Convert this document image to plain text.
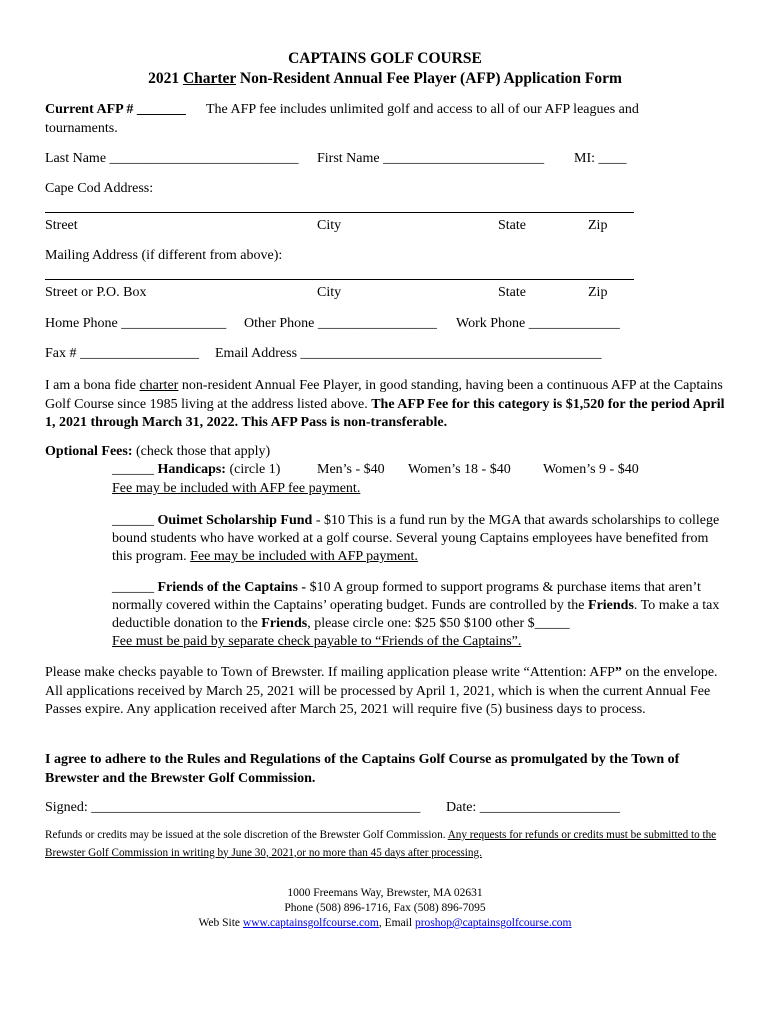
CAPTAINS GOLF COURSE
2021 Charter Non-Resident Annual Fee Player (AFP) Application Form
Current AFP # _______ The AFP fee includes unlimited golf and access to all of our AFP leagues and
tournaments.
Last Name ___________________________ First Name _______________________ MI: ____
Cape Cod Address:
Street	City	State	Zip
Mailing Address (if different from above):
Street or P.O. Box	City	State	Zip
Home Phone _______________ Other Phone _________________ Work Phone _____________
Fax # _________________ Email Address ___________________________________________
I am a bona fide charter non-resident Annual Fee Player, in good standing, having been a continuous AFP at the Captains Golf Course since 1985 living at the address listed above. The AFP Fee for this category is $1,520 for the period April 1, 2021 through March 31, 2022. This AFP Pass is non-transferable.
Optional Fees: (check those that apply)
______ Handicaps: (circle 1)	Men’s - $40 Women’s 18 - $40 Women’s 9 - $40
Fee may be included with AFP fee payment.
______ Ouimet Scholarship Fund - $10 This is a fund run by the MGA that awards scholarships to college bound students who have worked at a golf course. Several young Captains employees have benefited from this program. Fee may be included with AFP payment.
______ Friends of the Captains - $10 A group formed to support programs & purchase items that aren’t normally covered within the Captains’ operating budget. Funds are controlled by the Friends. To make a tax deductible donation to the Friends, please circle one: $25 $50 $100 other $_____
Fee must be paid by separate check payable to “Friends of the Captains”.
Please make checks payable to Town of Brewster. If mailing application please write “Attention: AFP” on the envelope. All applications received by March 25, 2021 will be processed by April 1, 2021, which is when the current Annual Fee Passes expire. Any application received after March 25, 2021 will require five (5) business days to process.
I agree to adhere to the Rules and Regulations of the Captains Golf Course as promulgated by the Town of Brewster and the Brewster Golf Commission.
Signed: _______________________________________________ Date: ____________________
Refunds or credits may be issued at the sole discretion of the Brewster Golf Commission. Any requests for refunds or credits must be submitted to the Brewster Golf Commission in writing by June 30, 2021,or no more than 45 days after processing.
1000 Freemans Way, Brewster, MA 02631
Phone (508) 896-1716, Fax (508) 896-7095
Web Site www.captainsgolfcourse.com, Email proshop@captainsgolfcourse.com
